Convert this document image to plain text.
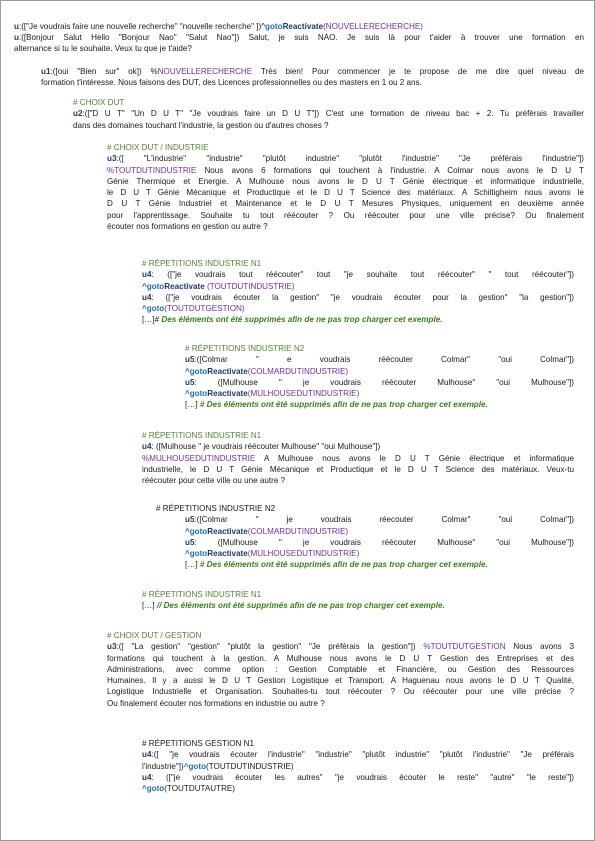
u:(["Je voudrais faire une nouvelle recherche" "nouvelle recherche" ])^gotoReactivate(NOUVELLERECHERCHE)

u:([Bonjour Salut Hello "Bonjour Nao" "Salut Nao"]) Salut, je suis NAO. Je suis là pour t'aider à trouver une formation en

alternance si tu le souhaite. Veux tu que je t'aide?

u1:([oui "Bien sur" ok]) %NOUVELLERECHERCHE Très bien! Pour commencer je te propose de me dire quel niveau de

formation t'intéresse. Nous faisons des DUT, des Licences professionnelles ou des masters en 1 ou 2 ans.

# CHOIX DUT

u2:(["D U T" "Un D U T" "Je voudrais faire un D U T"]) C'est une formation de niveau bac + 2. Tu préfèrais travailler

dans des domaines touchant l'industrie, la gestion ou d'autres choses ?

# CHOIX DUT / INDUSTRIE

u3:([ "L'industrie" "industrie" "plutôt industrie" "plutôt l'industrie" "Je préférais l'industrie"])

%TOUTDUTINDUSTRIE Nous avons 6 formations qui touchent à l'industrie. A Colmar nous avons le D U T

Génie Thermique et Energie. A Mulhouse nous avons le D U T Génie électrique et informatique industrielle,

le D U T Génie Mécanique et Productique et le D U T Science des matériaux. A Schiltigheim nous avons le

D U T Génie Industriel et Maintenance et le D U T Mesures Physiques, uniquement en deuxième année

pour l'apprentissage. Souhaite tu tout réécouter ? Ou réécouter pour une ville précise? Ou finalement

écouter nos formations en gestion ou autre ?

# RÉPETITIONS INDUSTRIE N1

u4: (["je voudrais tout réécouter" tout "je souhaite tout réécouter" " tout réécouter"])

^gotoReactivate (TOUTDUTINDUSTRIE)

u4: (["je voudrais écouter la gestion" "je voudrais écouter pour la gestion" "la gestion"])

^goto(TOUTDUTGESTION)

[…]# Des éléments ont été supprimés afin de ne pas trop charger cet exemple.

# RÉPETITIONS INDUSTRIE N2

u5:([Colmar " e voudrais réécouter Colmar" "oui Colmar"])

^gotoReactivate(COLMARDUTINDUSTRIE)

u5: ([Mulhouse " je voudrais réécouter Mulhouse" "oui Mulhouse"])

^gotoReactivate(MULHOUSEDUTINDUSTRIE)

[…] # Des éléments ont été supprimés afin de ne pas trop charger cet exemple.

# RÉPETITIONS INDUSTRIE N1

u4: ([Mulhouse " je voudrais réécouter Mulhouse" "oui Mulhouse"])

%MULHOUSEDUTINDUSTRIE A Mulhouse nous avons le D U T Génie électrique et informatique

industrielle, le D U T Génie Mécanique et Productique et le D U T Science des matériaux. Veux-tu

réécouter pour cette ville ou une autre ?

# RÉPETITIONS INDUSTRIE N2

u5:([Colmar " je voudrais réecouter Colmar" "oui Colmar"])

^gotoReactivate(COLMARDUTINDUSTRIE)

u5: ([Mulhouse " je voudrais réécouter Mulhouse" "oui Mulhouse"])

^gotoReactivate(MULHOUSEDUTINDUSTRIE)

[…] # Des éléments ont été supprimés afin de ne pas trop charger cet exemple.

# RÉPETITIONS INDUSTRIE N1

[…] // Des éléments ont été supprimés afin de ne pas trop charger cet exemple.

# CHOIX DUT / GESTION

u3:([ "La gestion" "gestion" "plutôt la gestion" "Je préfèrais la gestion"]) %TOUTDUTGESTION Nous avons 3

formations qui touchent à la gestion. A Mulhouse nous avons le D U T Gestion des Entreprises et des

Administrations, avec comme option : Gestion Comptable et Financière, ou Gestion des Ressources

Humaines. Il y a aussi le D U T Gestion Logistique et Transport. A Haguenau nous avons le D U T Qualité,

Logistique Industrielle et Organisation. Souhaites-tu tout réécouter ? Ou réécouter pour une ville précise ?

Ou finalement écouter nos formations en industrie ou autre ?

# RÉPETITIONS GESTION N1

u4:([ "je voudrais écouter l'industrie" "industrie" "plutôt industrie" "plutôt l'industrie" "Je préférais

l'industrie"])^goto(TOUTDUTINDUSTRIE)

u4: (["je voudrais écouter les autres" "je voudrais écouter le reste" "autre" "le reste"])

^goto(TOUTDUTAUTRE)
